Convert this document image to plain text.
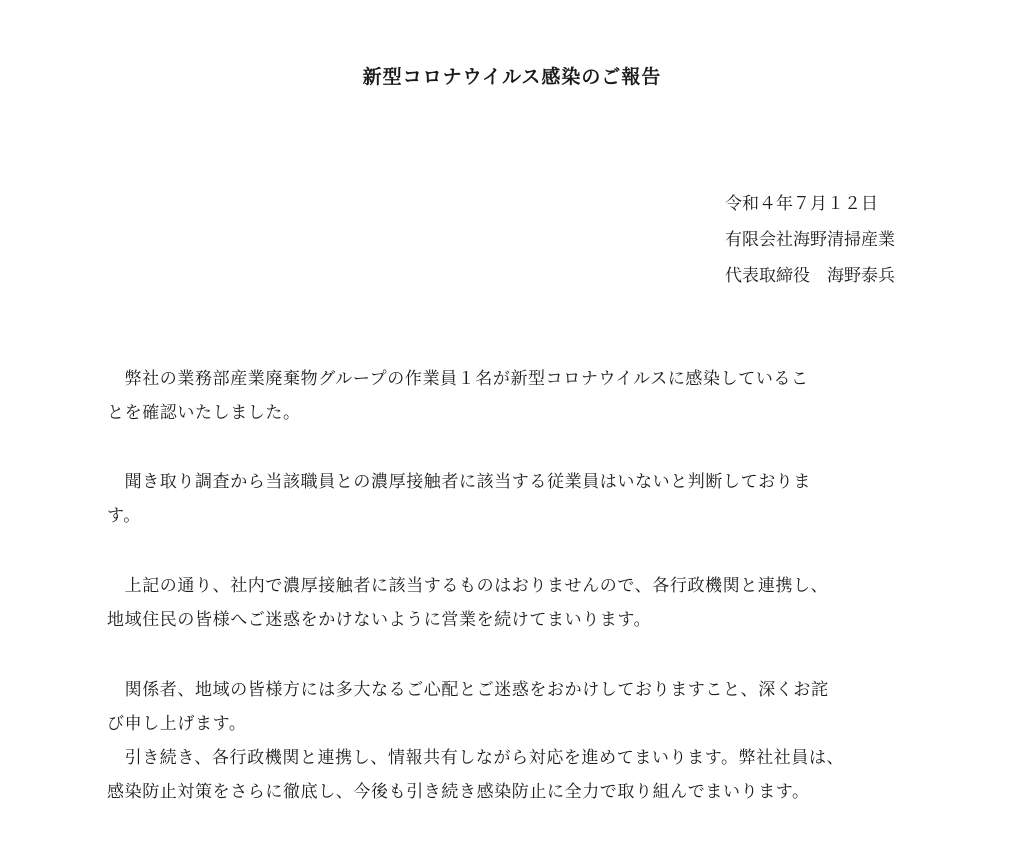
新型コロナウイルス感染のご報告
令和４年７月１２日
有限会社海野清掃産業
代表取締役　海野泰兵
　弊社の業務部産業廃棄物グループの作業員１名が新型コロナウイルスに感染しているこ
とを確認いたしました。
　聞き取り調査から当該職員との濃厚接触者に該当する従業員はいないと判断しておりま
す。
　上記の通り、社内で濃厚接触者に該当するものはおりませんので、各行政機関と連携し、
地域住民の皆様へご迷惑をかけないように営業を続けてまいります。
　関係者、地域の皆様方には多大なるご心配とご迷惑をおかけしておりますこと、深くお詫
び申し上げます。
　引き続き、各行政機関と連携し、情報共有しながら対応を進めてまいります。弊社社員は、
感染防止対策をさらに徹底し、今後も引き続き感染防止に全力で取り組んでまいります。
